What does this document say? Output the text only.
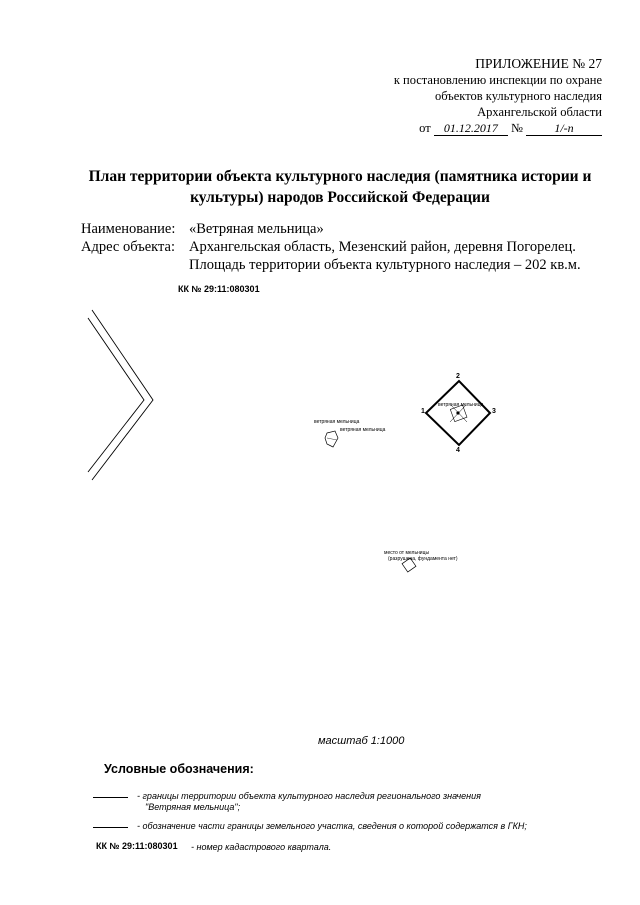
ПРИЛОЖЕНИЕ № 27
к постановлению инспекции по охране
объектов культурного наследия
Архангельской области
от 01.12.2017 №	1/-п
План территории объекта культурного наследия (памятника истории и
культуры) народов Российской Федерации
Наименование: «Ветряная мельница»
Адрес объекта: Архангельская область, Мезенский район, деревня Погорелец.
Площадь территории объекта культурного наследия – 202 кв.м.
КК № 29:11:080301
2
1	3
4
ветряная мельница
ветряная мельница
ветряная мельница
место от мельницы
(разрушена, фундамента нет)
масштаб 1:1000
Условные обозначения:
- границы территории объекта культурного наследия регионального значения
"Ветряная мельница";
- обозначение части границы земельного участка, сведения о которой содержатся в ГКН;
КК № 29:11:080301 - номер кадастрового квартала.
